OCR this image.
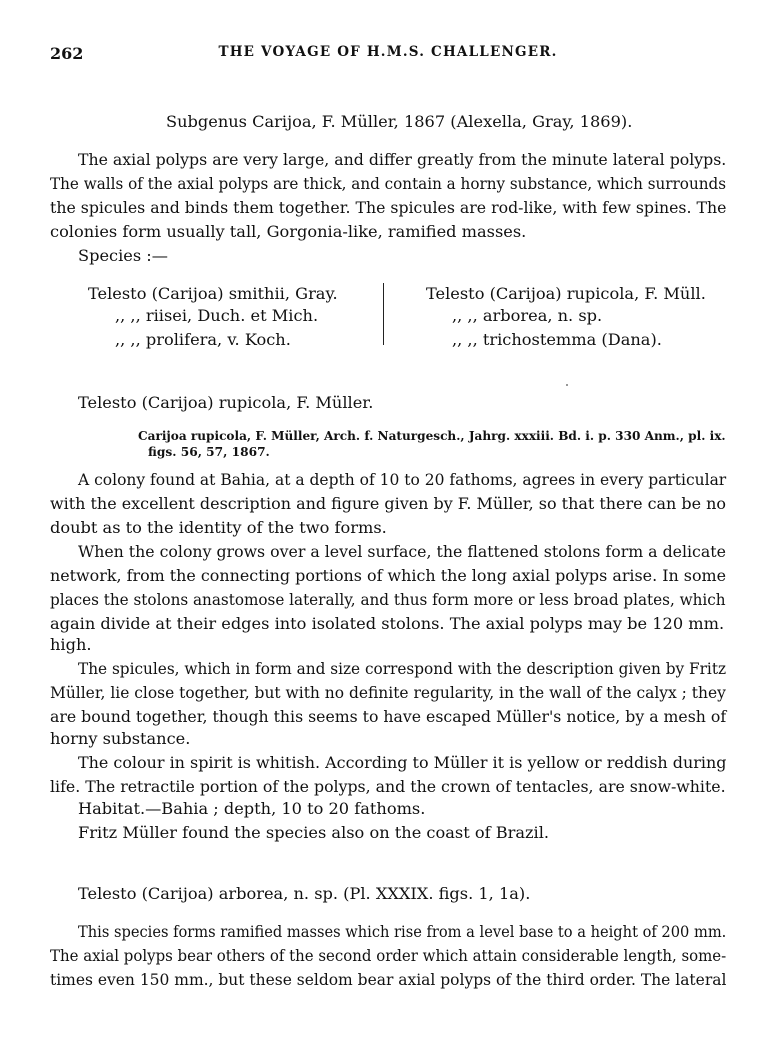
262	THE VOYAGE OF H.M.S. CHALLENGER.
Subgenus Carijoa, F. Müller, 1867 (Alexella, Gray, 1869).
The axial polyps are very large, and differ greatly from the minute lateral polyps.
The walls of the axial polyps are thick, and contain a horny substance, which surrounds
the spicules and binds them together. The spicules are rod-like, with few spines. The
colonies form usually tall, Gorgonia-like, ramified masses.
Species :—
Telesto (Carijoa) smithii, Gray.
,, ,, riisei, Duch. et Mich.
,, ,, prolifera, v. Koch.
Telesto (Carijoa) rupicola, F. Müll.
,, ,, arborea, n. sp.
,, ,, trichostemma (Dana).
Telesto (Carijoa) rupicola, F. Müller.
Carijoa rupicola, F. Müller, Arch. f. Naturgesch., Jahrg. xxxiii. Bd. i. p. 330 Anm., pl. ix.
figs. 56, 57, 1867.
A colony found at Bahia, at a depth of 10 to 20 fathoms, agrees in every particular
with the excellent description and figure given by F. Müller, so that there can be no
doubt as to the identity of the two forms.
When the colony grows over a level surface, the flattened stolons form a delicate
network, from the connecting portions of which the long axial polyps arise. In some
places the stolons anastomose laterally, and thus form more or less broad plates, which
again divide at their edges into isolated stolons. The axial polyps may be 120 mm.
high.
The spicules, which in form and size correspond with the description given by Fritz
Müller, lie close together, but with no definite regularity, in the wall of the calyx ; they
are bound together, though this seems to have escaped Müller's notice, by a mesh of
horny substance.
The colour in spirit is whitish. According to Müller it is yellow or reddish during
life. The retractile portion of the polyps, and the crown of tentacles, are snow-white.
Habitat.—Bahia ; depth, 10 to 20 fathoms.
Fritz Müller found the species also on the coast of Brazil.
Telesto (Carijoa) arborea, n. sp. (Pl. XXXIX. figs. 1, 1a).
This species forms ramified masses which rise from a level base to a height of 200 mm.
The axial polyps bear others of the second order which attain considerable length, some-
times even 150 mm., but these seldom bear axial polyps of the third order. The lateral
